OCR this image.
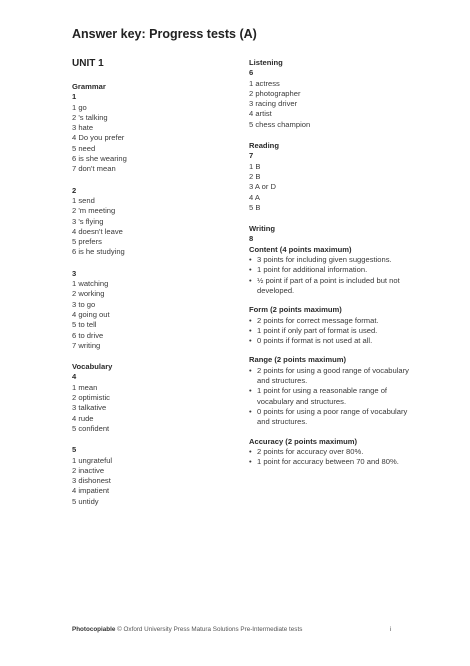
Answer key: Progress tests (A)
UNIT 1
Grammar
1
1 go
2 's talking
3 hate
4 Do you prefer
5 need
6 is she wearing
7 don't mean
2
1 send
2 'm meeting
3 's flying
4 doesn't leave
5 prefers
6 is he studying
3
1 watching
2 working
3 to go
4 going out
5 to tell
6 to drive
7 writing
Vocabulary
4
1 mean
2 optimistic
3 talkative
4 rude
5 confident
5
1 ungrateful
2 inactive
3 dishonest
4 impatient
5 untidy
Listening
6
1 actress
2 photographer
3 racing driver
4 artist
5 chess champion
Reading
7
1 B
2 B
3 A or D
4 A
5 B
Writing
8
Content (4 points maximum)
• 3 points for including given suggestions.
• 1 point for additional information.
• ½ point if part of a point is included but not developed.
Form (2 points maximum)
• 2 points for correct message format.
• 1 point if only part of format is used.
• 0 points if format is not used at all.
Range (2 points maximum)
• 2 points for using a good range of vocabulary and structures.
• 1 point for using a reasonable range of vocabulary and structures.
• 0 points for using a poor range of vocabulary and structures.
Accuracy (2 points maximum)
• 2 points for accuracy over 80%.
• 1 point for accuracy between 70 and 80%.
Photocopiable © Oxford University Press Matura Solutions Pre-Intermediate tests	i
